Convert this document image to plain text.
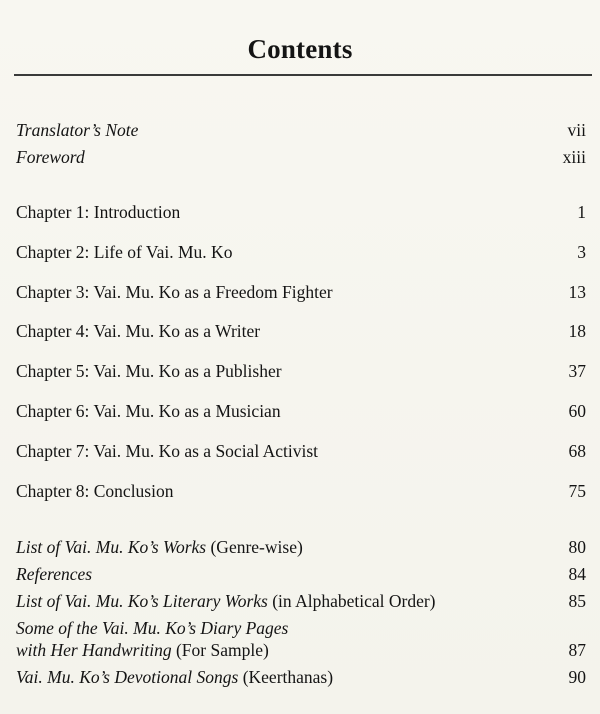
Contents
Translator’s Note	vii
Foreword	xiii
Chapter 1: Introduction	1
Chapter 2: Life of Vai. Mu. Ko	3
Chapter 3: Vai. Mu. Ko as a Freedom Fighter	13
Chapter 4: Vai. Mu. Ko as a Writer	18
Chapter 5: Vai. Mu. Ko as a Publisher	37
Chapter 6: Vai. Mu. Ko as a Musician	60
Chapter 7: Vai. Mu. Ko as a Social Activist	68
Chapter 8: Conclusion	75
List of Vai. Mu. Ko’s Works (Genre-wise)	80
References	84
List of Vai. Mu. Ko’s Literary Works (in Alphabetical Order)	85
Some of the Vai. Mu. Ko’s Diary Pages
with Her Handwriting (For Sample)	87
Vai. Mu. Ko’s Devotional Songs (Keerthanas)	90
